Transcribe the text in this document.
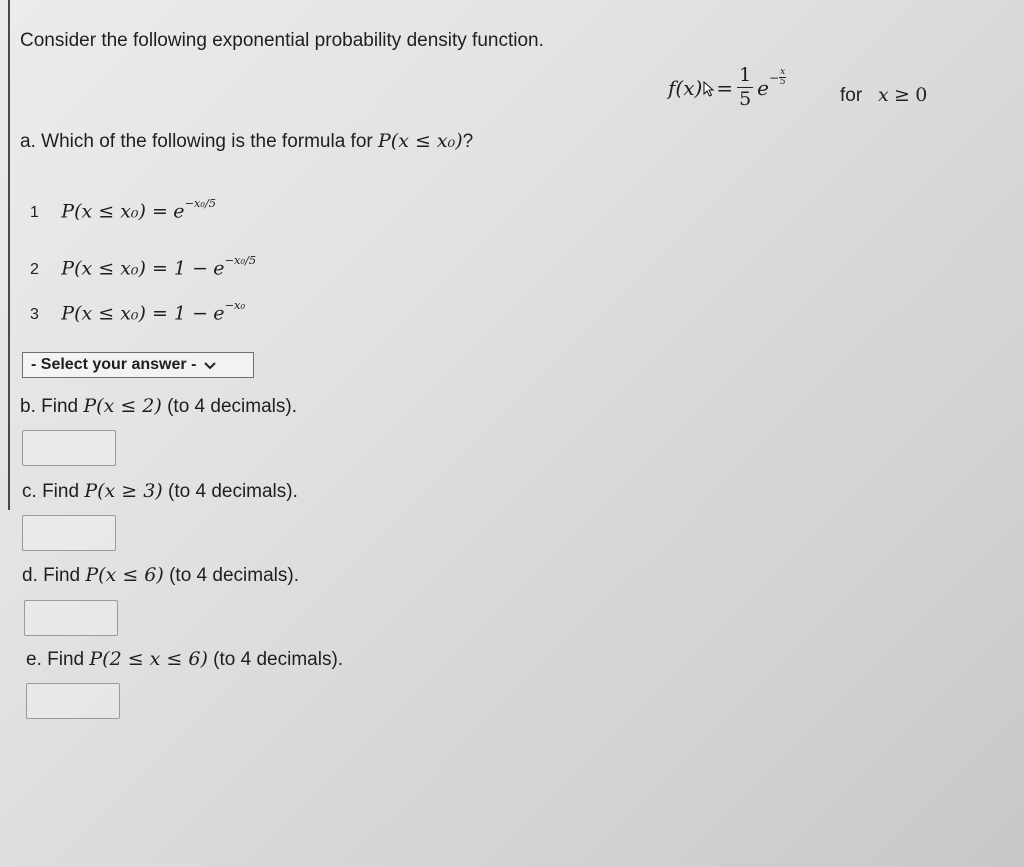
Consider the following exponential probability density function.
$f(x) = \frac{1}{5}$ $e - \frac{x}{5}$
for x ≥ 0
a. Which of the following is the formula for P(x ≤ x₀)?
1 $P(x \le x_0) = e^{-x_0/5}$
2 $P(x \le x_0) = 1 - e^{-x_0/5}$
3 $P(x \le x_0) = 1 - e^{-x_0}$
- Select your answer -
b. Find P(x ≤ 2) (to 4 decimals).
c. Find P(x ≥ 3) (to 4 decimals).
d. Find P(x ≤ 6) (to 4 decimals).
e. Find P(2 ≤ x ≤ 6) (to 4 decimals).
